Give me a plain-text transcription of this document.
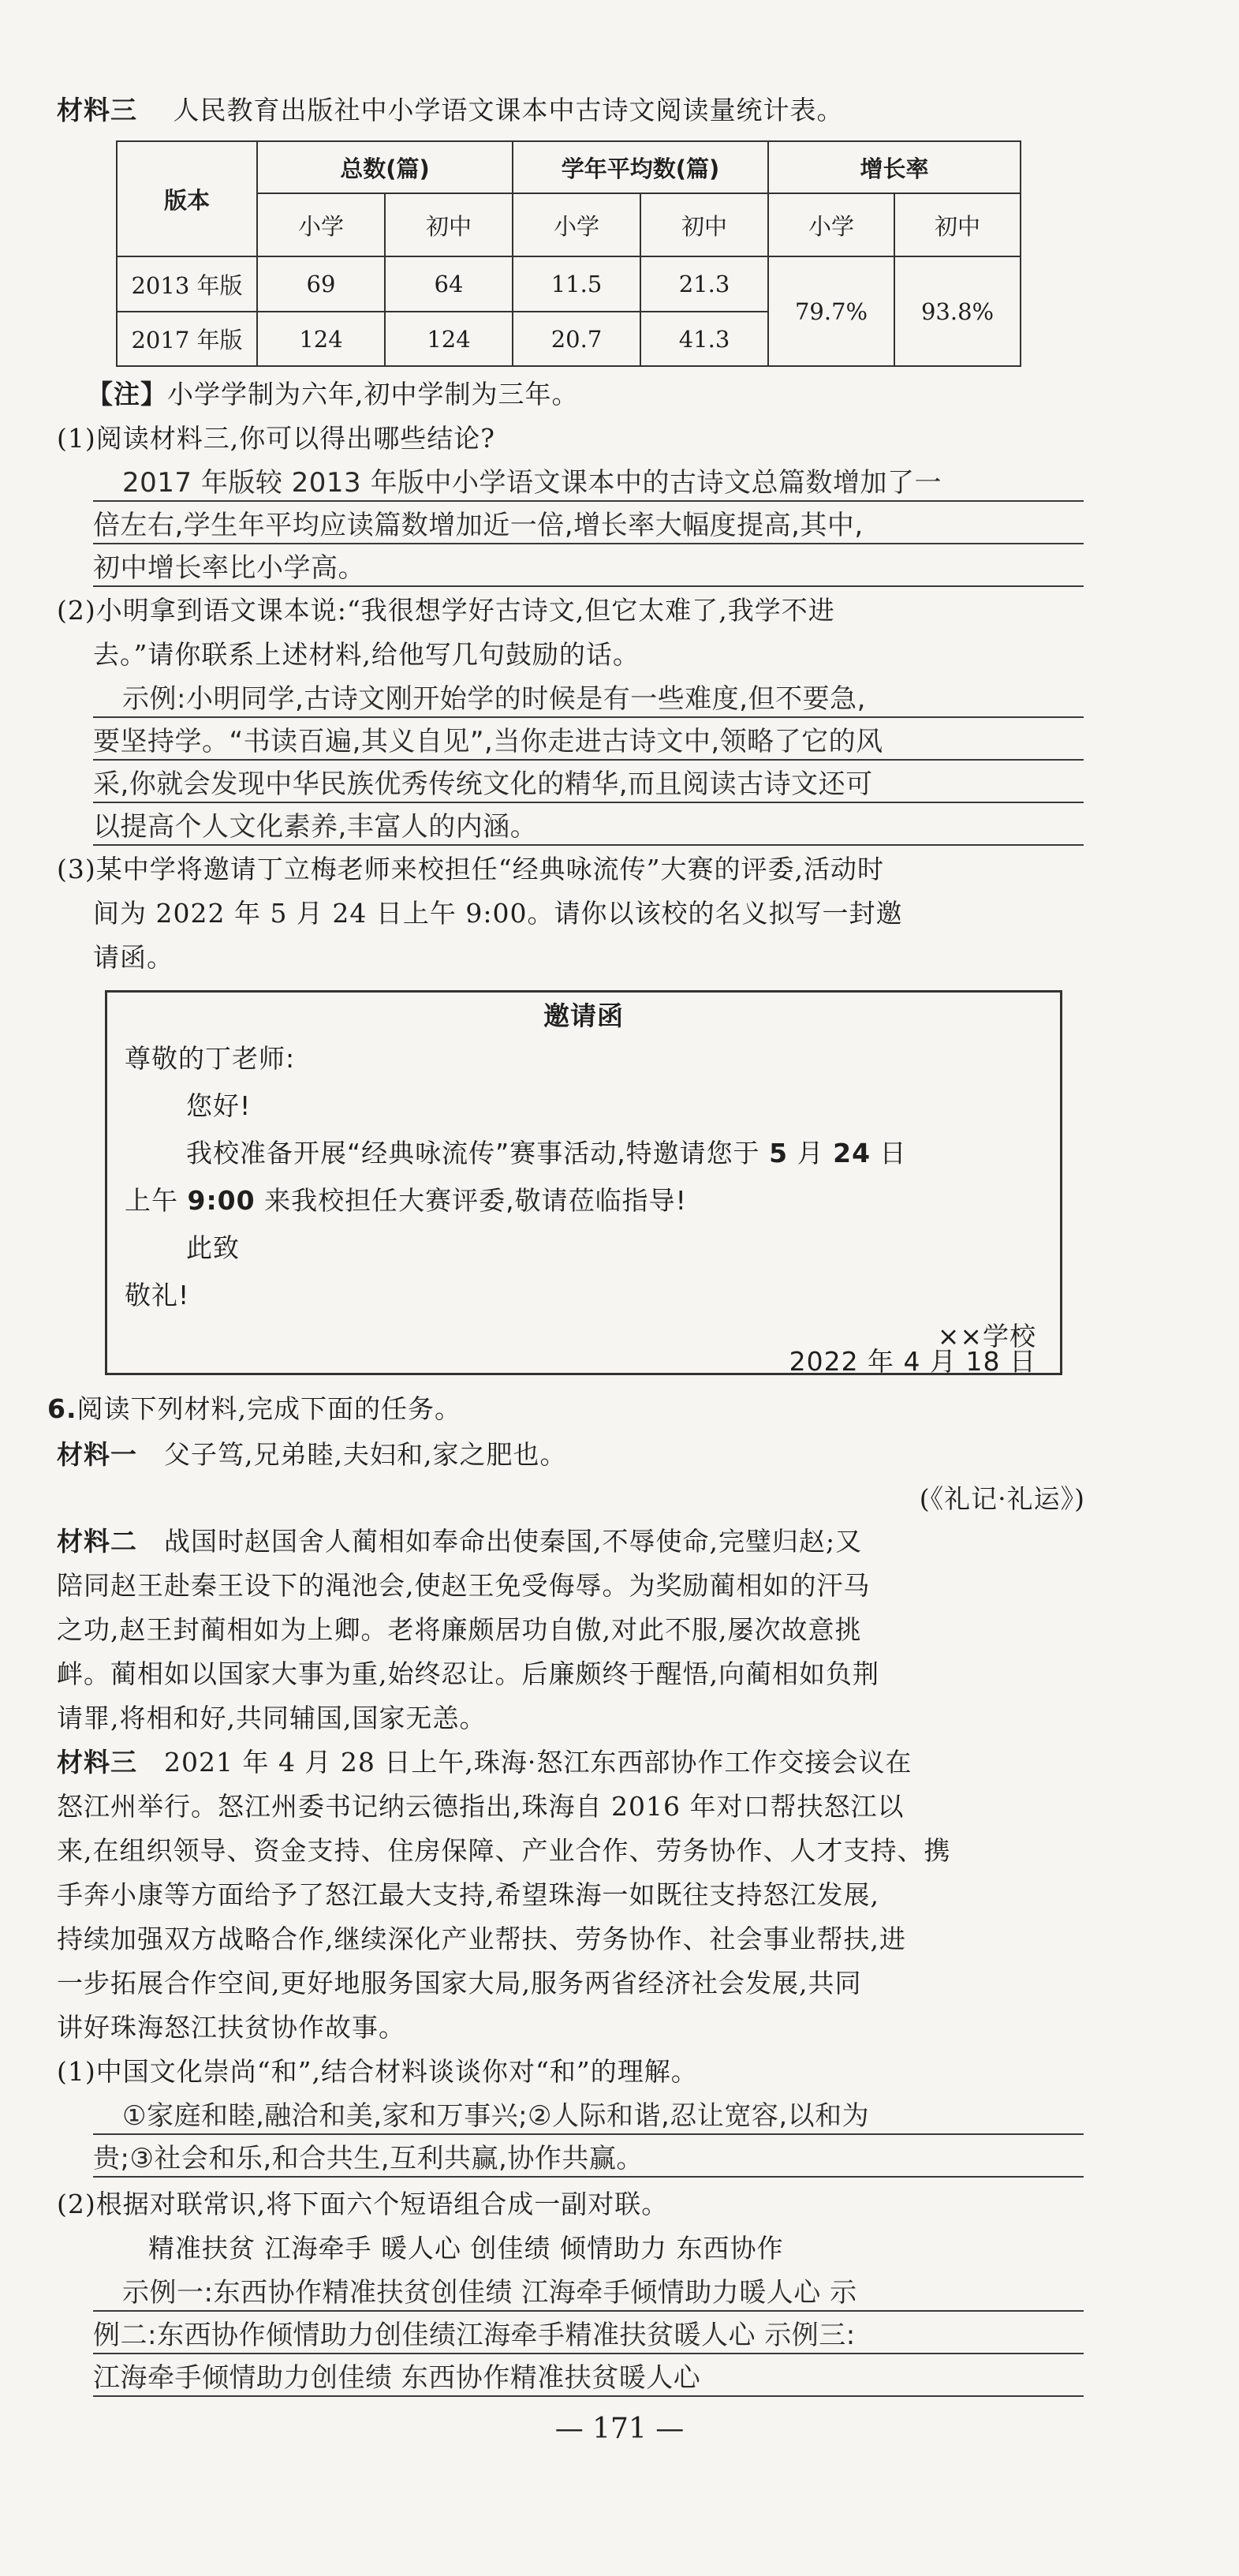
材料三 人民教育出版社中小学语文课本中古诗文阅读量统计表。
版本	总数(篇)		学年平均数(篇)		增长率	
	小学	初中	小学	初中	小学	初中
2013 年版	69	64	11.5	21.3	79.7%	93.8%
2017 年版	124	124	20.7	41.3		
【注】小学学制为六年,初中学制为三年。
(1)阅读材料三,你可以得出哪些结论?
2017 年版较 2013 年版中小学语文课本中的古诗文总篇数增加了一
倍左右,学生年平均应读篇数增加近一倍,增长率大幅度提高,其中,
初中增长率比小学高。
(2)小明拿到语文课本说:“我很想学好古诗文,但它太难了,我学不进
去。”请你联系上述材料,给他写几句鼓励的话。
示例:小明同学,古诗文刚开始学的时候是有一些难度,但不要急,
要坚持学。“书读百遍,其义自见”,当你走进古诗文中,领略了它的风
采,你就会发现中华民族优秀传统文化的精华,而且阅读古诗文还可
以提高个人文化素养,丰富人的内涵。
(3)某中学将邀请丁立梅老师来校担任“经典咏流传”大赛的评委,活动时
间为 2022 年 5 月 24 日上午 9:00。请你以该校的名义拟写一封邀
请函。
邀请函
尊敬的丁老师:
您好!
我校准备开展“经典咏流传”赛事活动,特邀请您于 5 月 24 日
上午 9:00 来我校担任大赛评委,敬请莅临指导!
此致
敬礼!
××学校
2022 年 4 月 18 日
6.阅读下列材料,完成下面的任务。
材料一 父子笃,兄弟睦,夫妇和,家之肥也。
(《礼记·礼运》)
材料二 战国时赵国舍人蔺相如奉命出使秦国,不辱使命,完璧归赵;又
陪同赵王赴秦王设下的渑池会,使赵王免受侮辱。为奖励蔺相如的汗马
之功,赵王封蔺相如为上卿。老将廉颇居功自傲,对此不服,屡次故意挑
衅。蔺相如以国家大事为重,始终忍让。后廉颇终于醒悟,向蔺相如负荆
请罪,将相和好,共同辅国,国家无恙。
材料三 2021 年 4 月 28 日上午,珠海·怒江东西部协作工作交接会议在
怒江州举行。怒江州委书记纳云德指出,珠海自 2016 年对口帮扶怒江以
来,在组织领导、资金支持、住房保障、产业合作、劳务协作、人才支持、携
手奔小康等方面给予了怒江最大支持,希望珠海一如既往支持怒江发展,
持续加强双方战略合作,继续深化产业帮扶、劳务协作、社会事业帮扶,进
一步拓展合作空间,更好地服务国家大局,服务两省经济社会发展,共同
讲好珠海怒江扶贫协作故事。
(1)中国文化崇尚“和”,结合材料谈谈你对“和”的理解。
①家庭和睦,融洽和美,家和万事兴;②人际和谐,忍让宽容,以和为
贵;③社会和乐,和合共生,互利共赢,协作共赢。
(2)根据对联常识,将下面六个短语组合成一副对联。
精准扶贫 江海牵手 暖人心 创佳绩 倾情助力 东西协作
示例一:东西协作精准扶贫创佳绩 江海牵手倾情助力暖人心 示
例二:东西协作倾情助力创佳绩江海牵手精准扶贫暖人心 示例三:
江海牵手倾情助力创佳绩 东西协作精准扶贫暖人心
— 171 —
